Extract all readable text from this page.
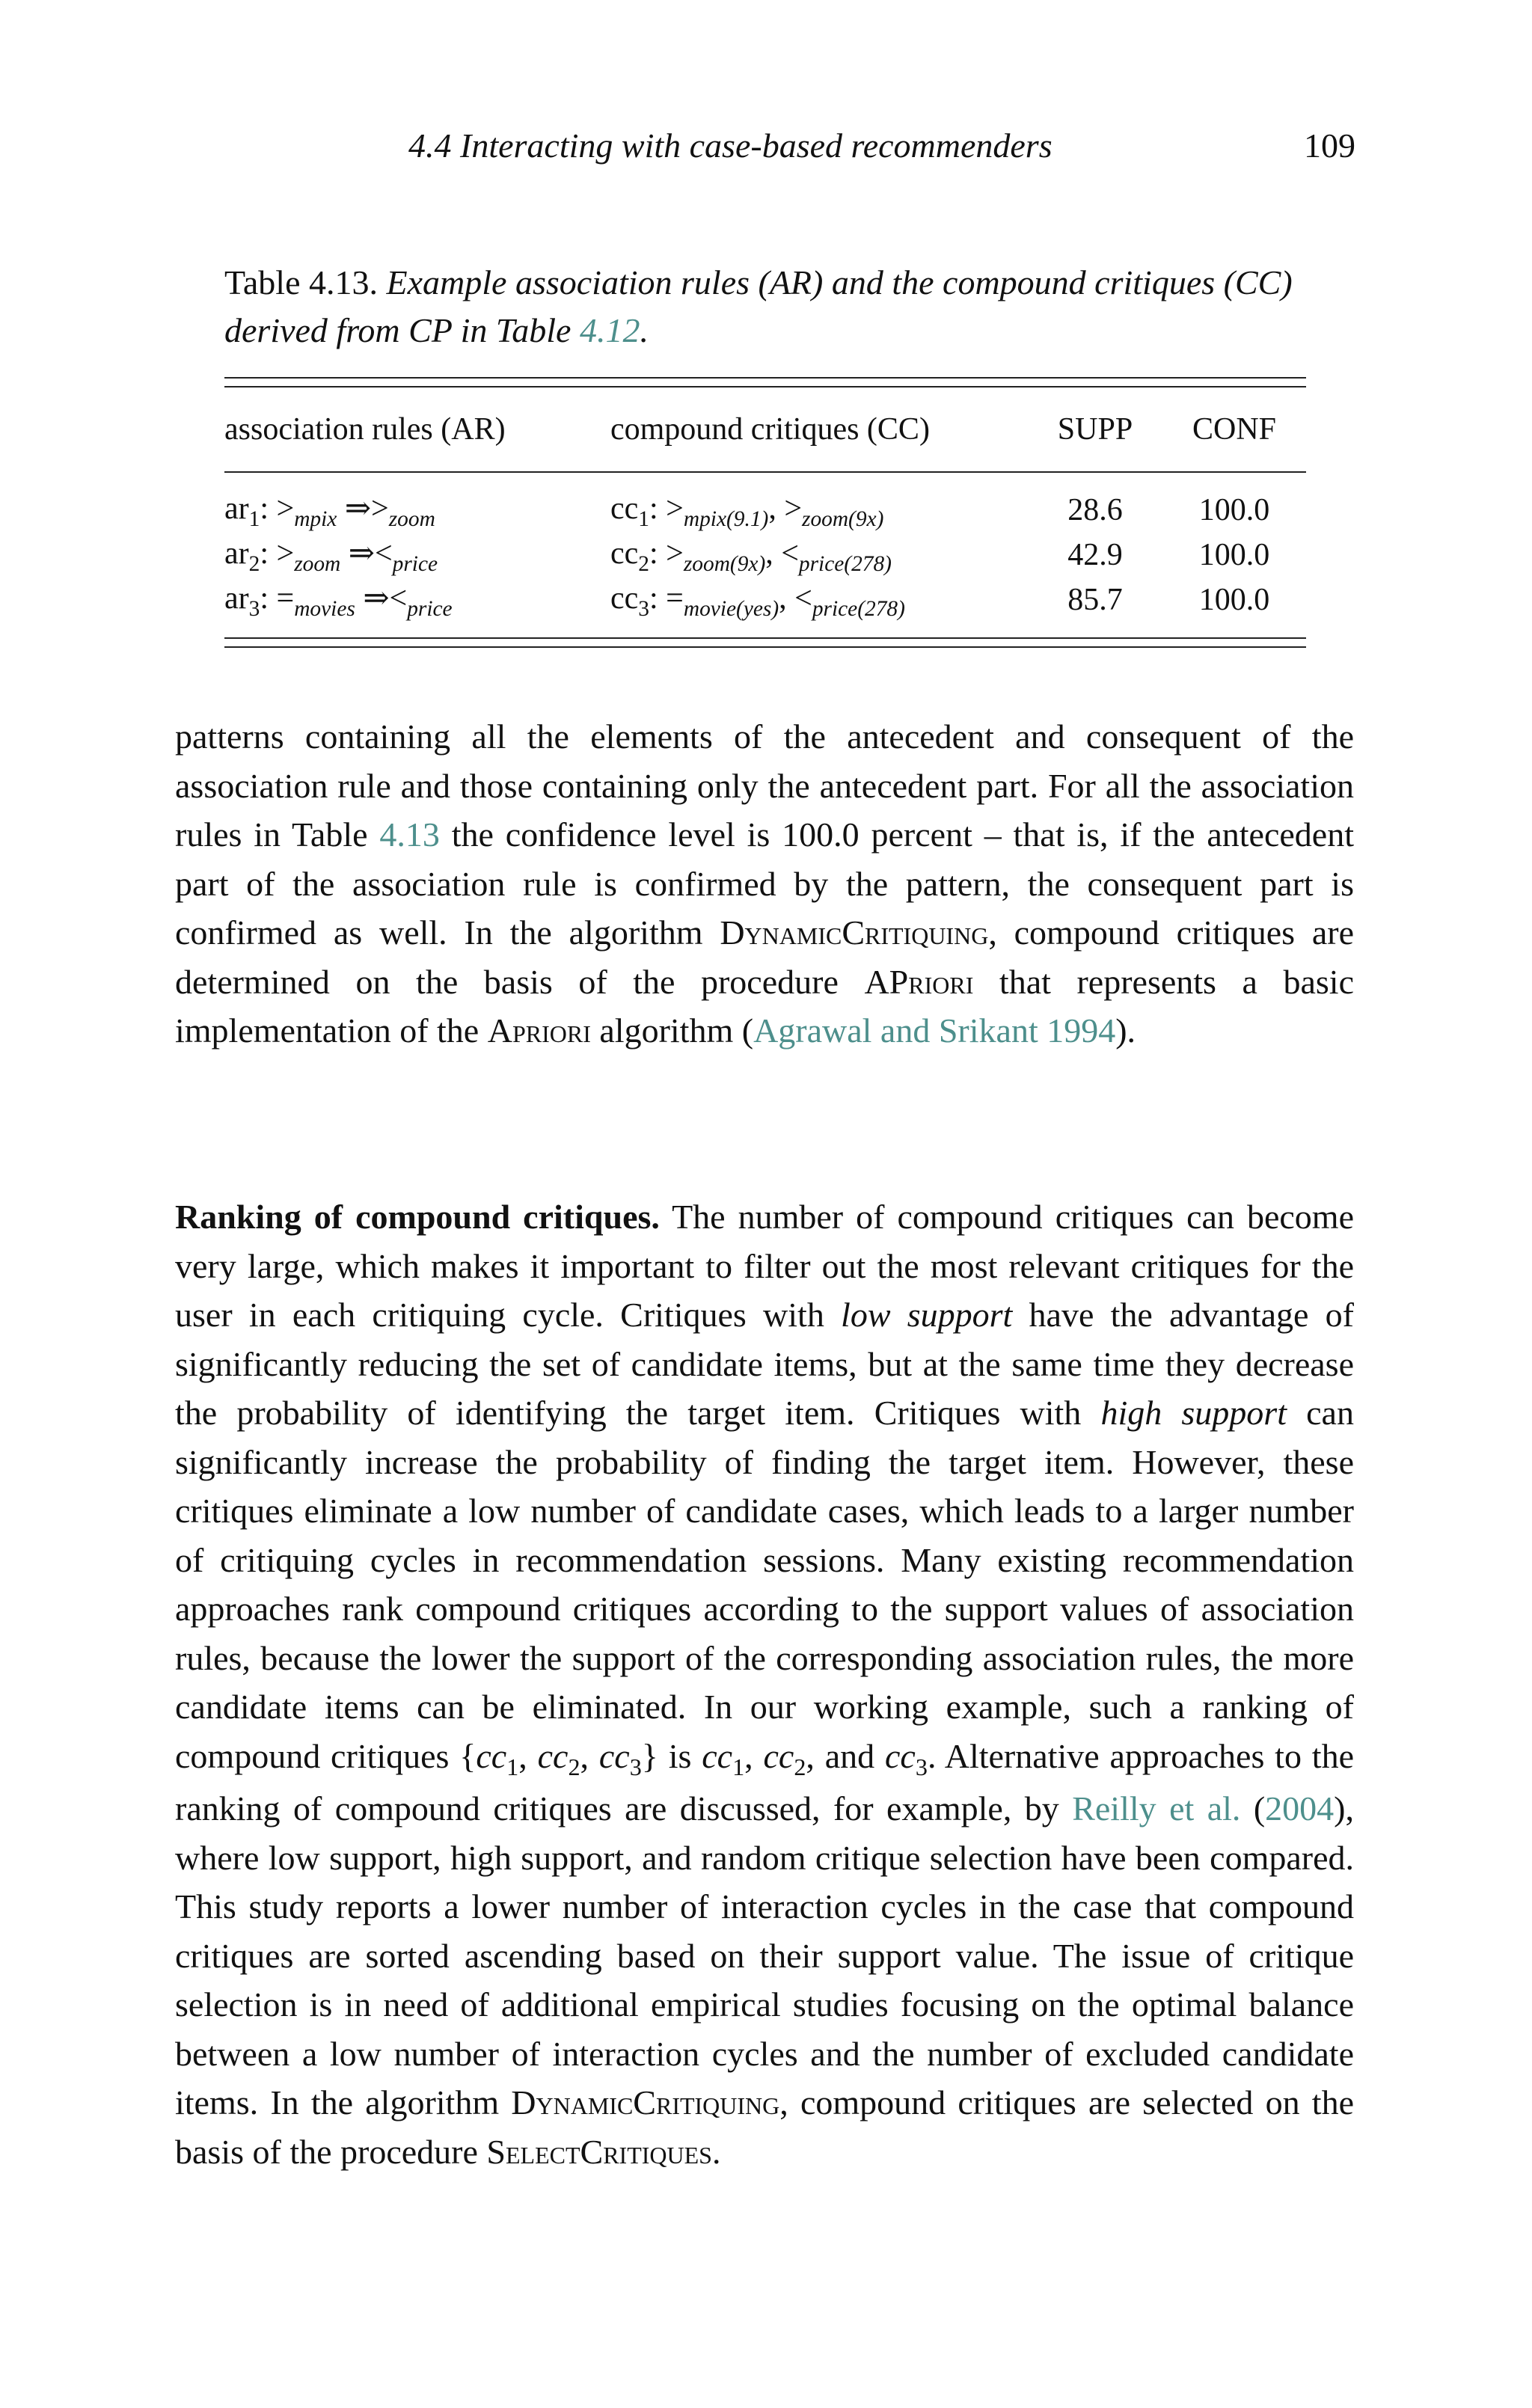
4.4 Interacting with case-based recommenders	109
Table 4.13. Example association rules (AR) and the compound critiques (CC) derived from CP in Table 4.12.
association rules (AR)	compound critiques (CC)	SUPP	CONF

$ar_1$: $>_{mpix}$ $\Rightarrow>_{zoom}$	$cc_1$: $>_{mpix(9.1)}$, $>_{zoom(9x)}$	28.6	100.0
$ar_2$: $>_{zoom}$ $\Rightarrow<_{price}$	$cc_2$: $>_{zoom(9x)}$, $<_{price(278)}$	42.9	100.0
$ar_3$: $=_{movies}$ $\Rightarrow<_{price}$	$cc_3$: $=_{movie(yes)}$, $<_{price(278)}$	85.7	100.0
patterns containing all the elements of the antecedent and consequent of the association rule and those containing only the antecedent part. For all the association rules in Table 4.13 the confidence level is 100.0 percent – that is, if the antecedent part of the association rule is confirmed by the pattern, the consequent part is confirmed as well. In the algorithm DynamicCritiquing, compound critiques are determined on the basis of the procedure APriori that represents a basic implementation of the Apriori algorithm (Agrawal and Srikant 1994).
Ranking of compound critiques. The number of compound critiques can become very large, which makes it important to filter out the most relevant critiques for the user in each critiquing cycle. Critiques with low support have the advantage of significantly reducing the set of candidate items, but at the same time they decrease the probability of identifying the target item. Critiques with high support can significantly increase the probability of finding the target item. However, these critiques eliminate a low number of candidate cases, which leads to a larger number of critiquing cycles in recommendation sessions. Many existing recommendation approaches rank compound critiques according to the support values of association rules, because the lower the support of the corresponding association rules, the more candidate items can be eliminated. In our working example, such a ranking of compound critiques {$cc_1$, $cc_2$, $cc_3$} is $cc_1$, $cc_2$, and $cc_3$. Alternative approaches to the ranking of compound critiques are discussed, for example, by Reilly et al. (2004), where low support, high support, and random critique selection have been compared. This study reports a lower number of interaction cycles in the case that compound critiques are sorted ascending based on their support value. The issue of critique selection is in need of additional empirical studies focusing on the optimal balance between a low number of interaction cycles and the number of excluded candidate items. In the algorithm DynamicCritiquing, compound critiques are selected on the basis of the procedure SelectCritiques.
